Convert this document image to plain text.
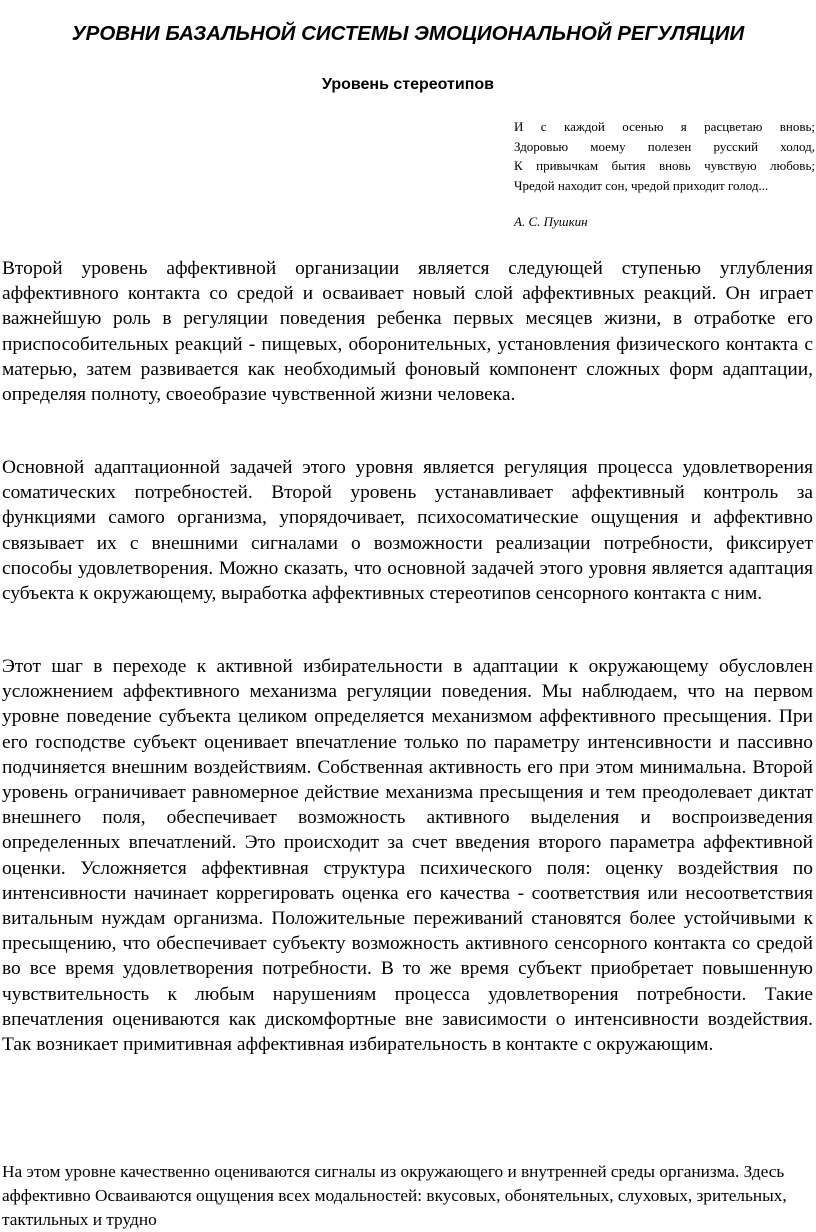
УРОВНИ БАЗАЛЬНОЙ СИСТЕМЫ ЭМОЦИОНАЛЬНОЙ РЕГУЛЯЦИИ
Уровень стереотипов
И с каждой осенью я расцветаю вновь;
Здоровью моему полезен русский холод,
К привычкам бытия вновь чувствую любовь;
Чредой находит сон, чредой приходит голод...
А. С. Пушкин

Второй уровень аффективной организации является следующей ступенью углубления аффективного контакта со средой и осваивает новый слой аффективных реакций. Он играет важнейшую роль в регуляции поведения ребенка первых месяцев жизни, в отработке его приспособительных реакций - пищевых, оборонительных, установления физического контакта с матерью, затем развивается как необходимый фоновый компонент сложных форм адаптации, определяя полноту, своеобразие чувственной жизни человека.

Основной адаптационной задачей этого уровня является регуляция процесса удовлетворения соматических потребностей. Второй уровень устанавливает аффективный контроль за функциями самого организма, упорядочивает, психосоматические ощущения и аффективно связывает их с внешними сигналами о возможности реализации потребности, фиксирует способы удовлетворения. Можно сказать, что основной задачей этого уровня является адаптация субъекта к окружающему, выработка аффективных стереотипов сенсорного контакта с ним.

Этот шаг в переходе к активной избирательности в адаптации к окружающему обусловлен усложнением аффективного механизма регуляции поведения. Мы наблюдаем, что на первом уровне поведение субъекта целиком определяется механизмом аффективного пресыщения. При его господстве субъект оценивает впечатление только по параметру интенсивности и пассивно подчиняется внешним воздействиям. Собственная активность его при этом минимальна. Второй уровень ограничивает равномерное действие механизма пресыщения и тем преодолевает диктат внешнего поля, обеспечивает возможность активного выделения и воспроизведения определенных впечатлений. Это происходит за счет введения второго параметра аффективной оценки. Усложняется аффективная структура психического поля: оценку воздействия по интенсивности начинает коррегировать оценка его качества - соответствия или несоответствия витальным нуждам организма. Положительные переживаний становятся более устойчивыми к пресыщению, что обеспечивает субъекту возможность активного сенсорного контакта со средой во все время удовлетворения потребности. В то же время субъект приобретает повышенную чувствительность к любым нарушениям процесса удовлетворения потребности. Такие впечатления оцениваются как дискомфортные вне зависимости о интенсивности воздействия. Так возникает примитивная аффективная избирательность в контакте с окружающим.

На этом уровне качественно оцениваются сигналы из окружающего и внутренней среды организма. Здесь аффективно Осваиваются ощущения всех модальностей: вкусовых, обонятельных, слуховых, зрительных, тактильных и трудно
